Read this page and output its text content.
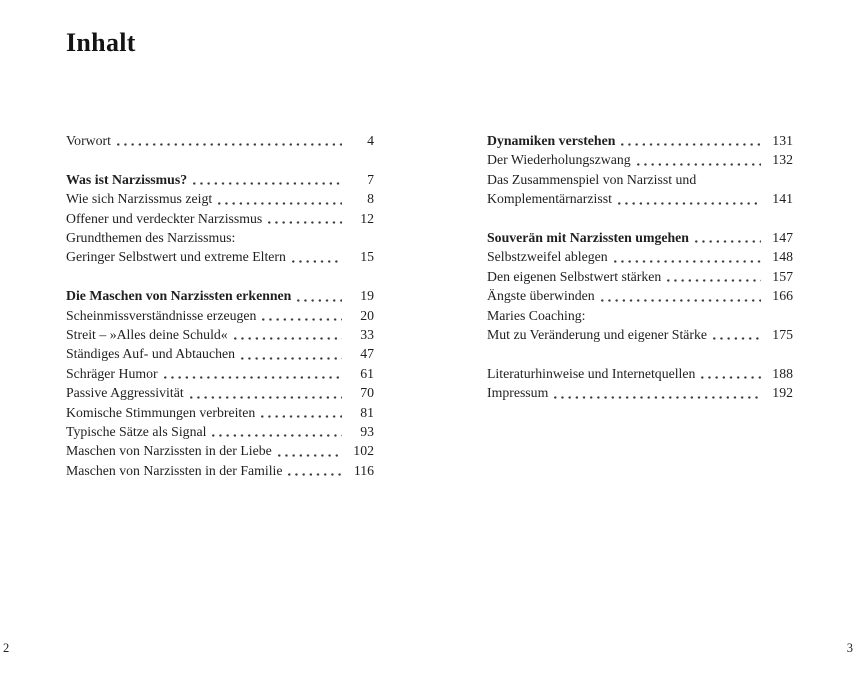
Inhalt
Vorwort	4
Was ist Narzissmus?	7
Wie sich Narzissmus zeigt	8
Offener und verdeckter Narzissmus	12
Grundthemen des Narzissmus:
Geringer Selbstwert und extreme Eltern	15
Die Maschen von Narzissten erkennen	19
Scheinmissverständnisse erzeugen	20
Streit – »Alles deine Schuld«	33
Ständiges Auf- und Abtauchen	47
Schräger Humor	61
Passive Aggressivität	70
Komische Stimmungen verbreiten	81
Typische Sätze als Signal	93
Maschen von Narzissten in der Liebe	102
Maschen von Narzissten in der Familie	116
Dynamiken verstehen	131
Der Wiederholungszwang	132
Das Zusammenspiel von Narzisst und
Komplementärnarzisst	141
Souverän mit Narzissten umgehen	147
Selbstzweifel ablegen	148
Den eigenen Selbstwert stärken	157
Ängste überwinden	166
Maries Coaching:
Mut zu Veränderung und eigener Stärke	175
Literaturhinweise und Internetquellen	188
Impressum	192
2	3
